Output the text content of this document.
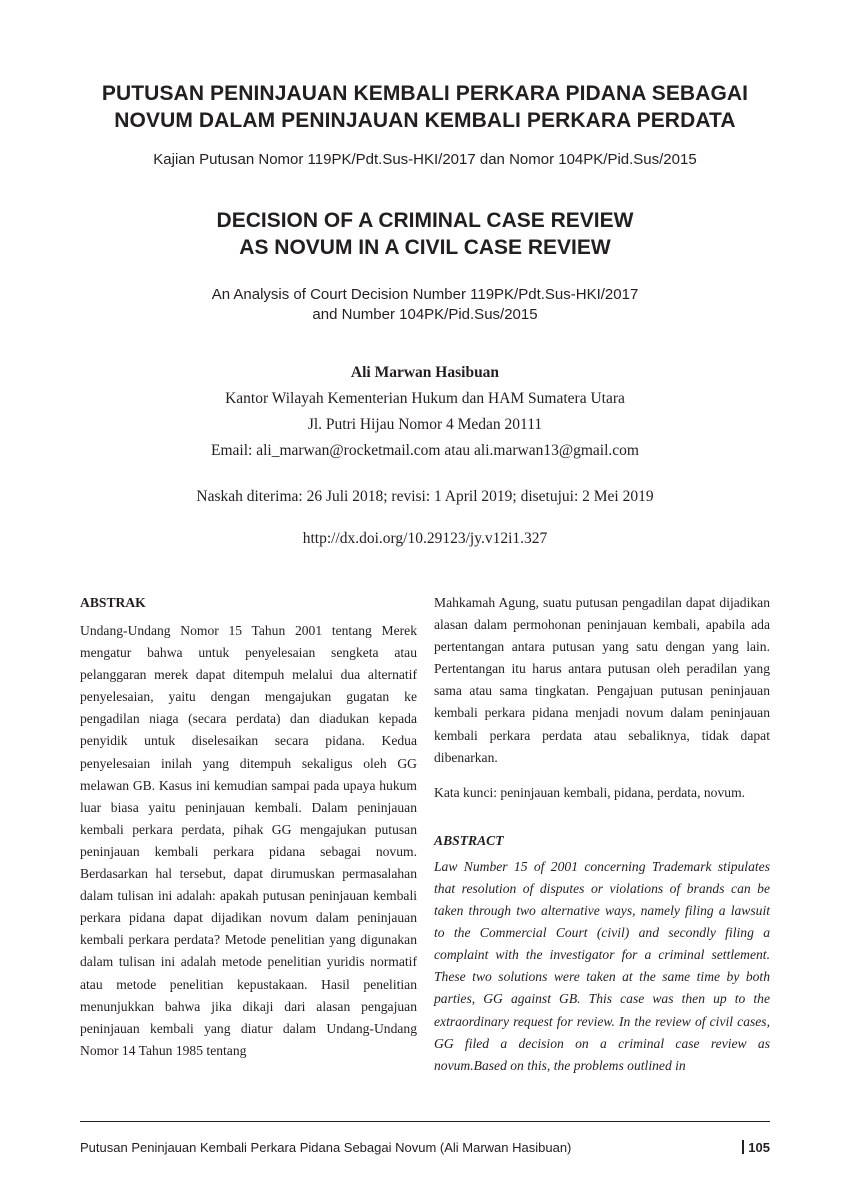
PUTUSAN PENINJAUAN KEMBALI PERKARA PIDANA SEBAGAI
NOVUM DALAM PENINJAUAN KEMBALI PERKARA PERDATA
Kajian Putusan Nomor 119PK/Pdt.Sus-HKI/2017 dan Nomor 104PK/Pid.Sus/2015
DECISION OF A CRIMINAL CASE REVIEW
AS NOVUM IN A CIVIL CASE REVIEW
An Analysis of Court Decision Number 119PK/Pdt.Sus-HKI/2017
and Number 104PK/Pid.Sus/2015
Ali Marwan Hasibuan
Kantor Wilayah Kementerian Hukum dan HAM Sumatera Utara
Jl. Putri Hijau Nomor 4 Medan 20111
Email: ali_marwan@rocketmail.com atau ali.marwan13@gmail.com
Naskah diterima: 26 Juli 2018; revisi: 1 April 2019; disetujui: 2 Mei 2019
http://dx.doi.org/10.29123/jy.v12i1.327

ABSTRAK

Undang-Undang Nomor 15 Tahun 2001 tentang Merek mengatur bahwa untuk penyelesaian sengketa atau pelanggaran merek dapat ditempuh melalui dua alternatif penyelesaian, yaitu dengan mengajukan gugatan ke pengadilan niaga (secara perdata) dan diadukan kepada penyidik untuk diselesaikan secara pidana. Kedua penyelesaian inilah yang ditempuh sekaligus oleh GG melawan GB. Kasus ini kemudian sampai pada upaya hukum luar biasa yaitu peninjauan kembali. Dalam peninjauan kembali perkara perdata, pihak GG mengajukan putusan peninjauan kembali perkara pidana sebagai novum. Berdasarkan hal tersebut, dapat dirumuskan permasalahan dalam tulisan ini adalah: apakah putusan peninjauan kembali perkara pidana dapat dijadikan novum dalam peninjauan kembali perkara perdata? Metode penelitian yang digunakan dalam tulisan ini adalah metode penelitian yuridis normatif atau metode penelitian kepustakaan. Hasil penelitian menunjukkan bahwa jika dikaji dari alasan pengajuan peninjauan kembali yang diatur dalam Undang-Undang Nomor 14 Tahun 1985 tentang

Mahkamah Agung, suatu putusan pengadilan dapat dijadikan alasan dalam permohonan peninjauan kembali, apabila ada pertentangan antara putusan yang satu dengan yang lain. Pertentangan itu harus antara putusan oleh peradilan yang sama atau sama tingkatan. Pengajuan putusan peninjauan kembali perkara pidana menjadi novum dalam peninjauan kembali perkara perdata atau sebaliknya, tidak dapat dibenarkan.

Kata kunci: peninjauan kembali, pidana, perdata, novum.

ABSTRACT

Law Number 15 of 2001 concerning Trademark stipulates that resolution of disputes or violations of brands can be taken through two alternative ways, namely filing a lawsuit to the Commercial Court (civil) and secondly filing a complaint with the investigator for a criminal settlement. These two solutions were taken at the same time by both parties, GG against GB. This case was then up to the extraordinary request for review. In the review of civil cases, GG filed a decision on a criminal case review as novum.Based on this, the problems outlined in

Putusan Peninjauan Kembali Perkara Pidana Sebagai Novum (Ali Marwan Hasibuan)	105
